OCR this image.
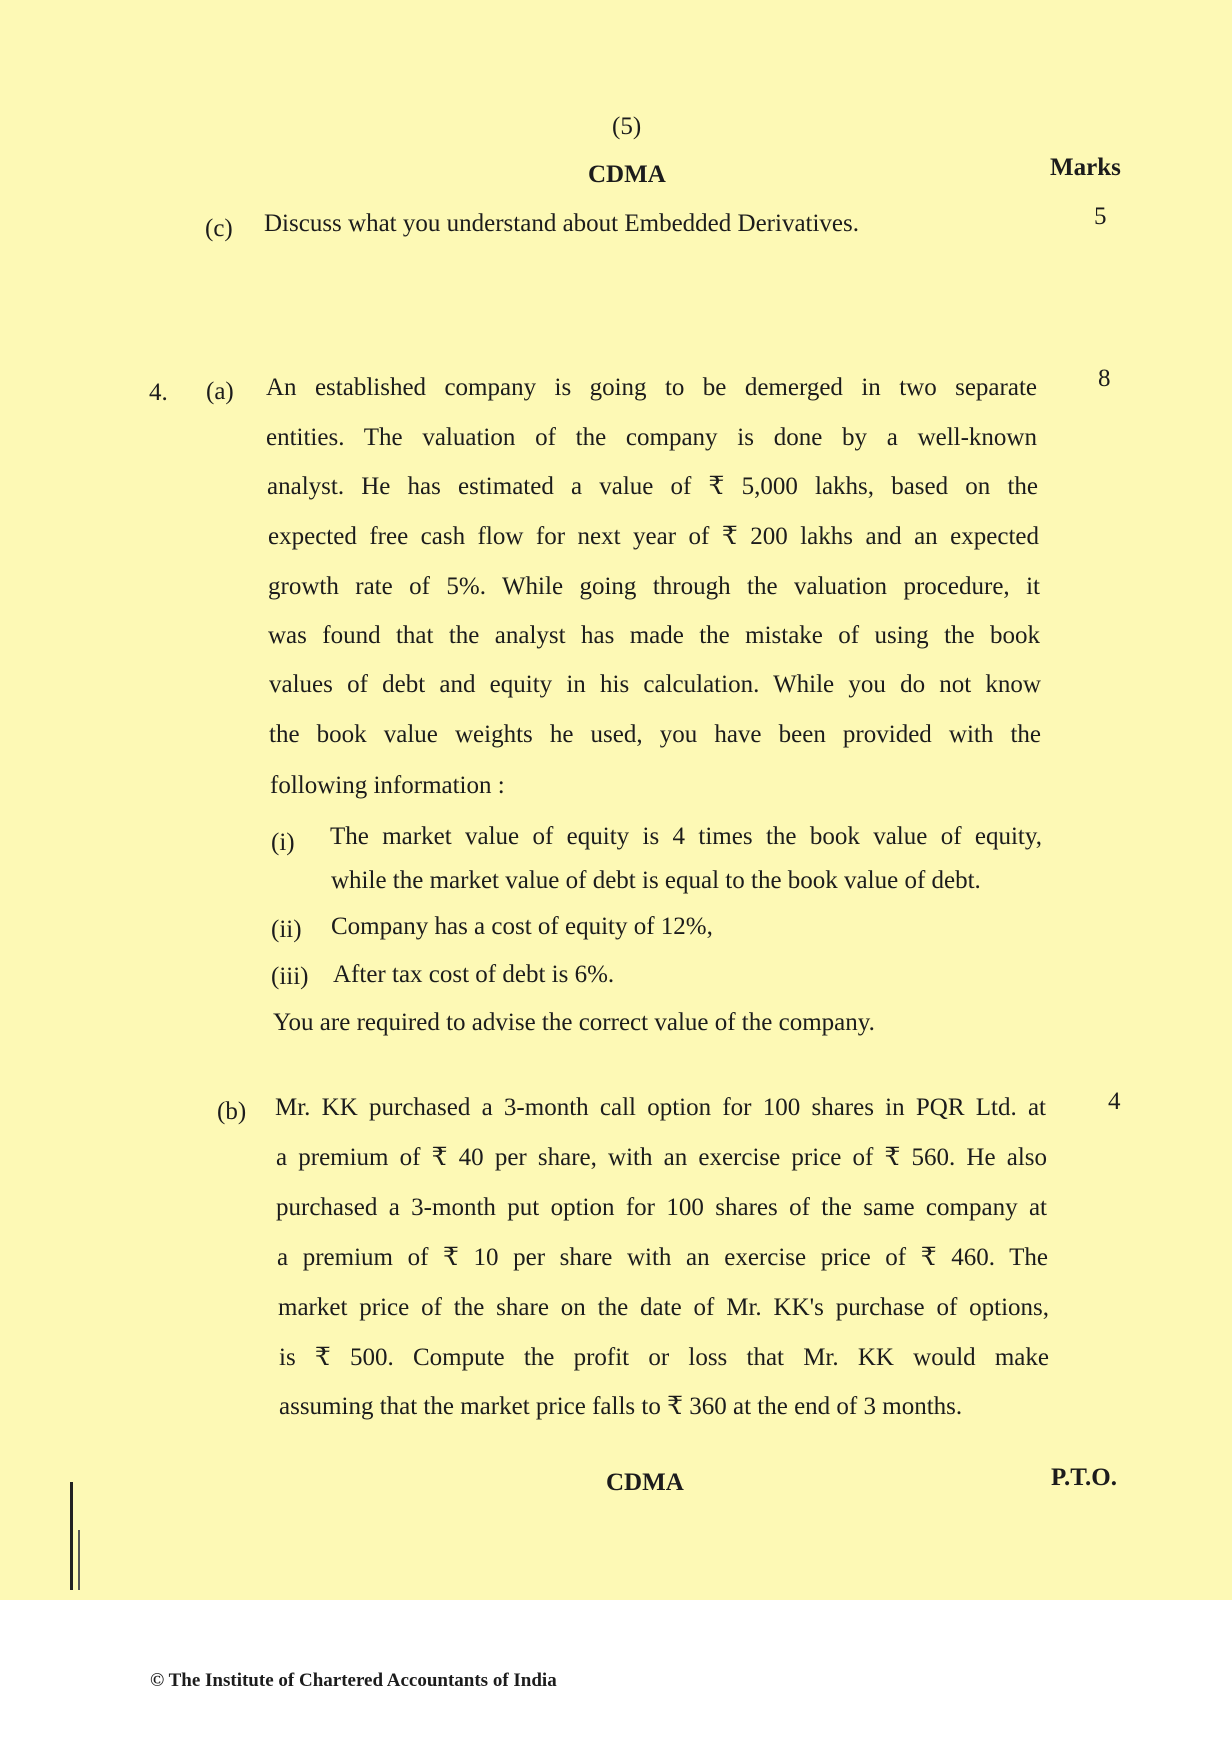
(5)
CDMA	Marks
(c) Discuss what you understand about Embedded Derivatives.	5
4. (a)	8
An established company is going to be demerged in two separate
entities. The valuation of the company is done by a well-known
analyst. He has estimated a value of ₹ 5,000 lakhs, based on the
expected free cash flow for next year of ₹ 200 lakhs and an expected
growth rate of 5%. While going through the valuation procedure, it
was found that the analyst has made the mistake of using the book
values of debt and equity in his calculation. While you do not know
the book value weights he used, you have been provided with the
following information :
(i) The market value of equity is 4 times the book value of equity,
while the market value of debt is equal to the book value of debt.
(ii) Company has a cost of equity of 12%,
(iii) After tax cost of debt is 6%.
You are required to advise the correct value of the company.
(b)	4
Mr. KK purchased a 3-month call option for 100 shares in PQR Ltd. at
a premium of ₹ 40 per share, with an exercise price of ₹ 560. He also
purchased a 3-month put option for 100 shares of the same company at
a premium of ₹ 10 per share with an exercise price of ₹ 460. The
market price of the share on the date of Mr. KK's purchase of options,
is ₹ 500. Compute the profit or loss that Mr. KK would make
assuming that the market price falls to ₹ 360 at the end of 3 months.
CDMA	P.T.O.
© The Institute of Chartered Accountants of India
